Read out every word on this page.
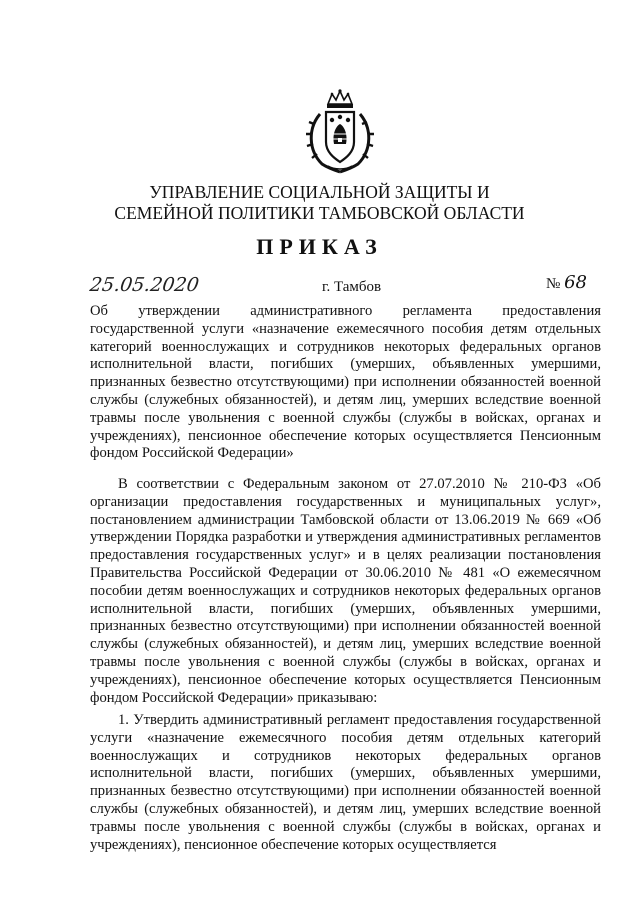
УПРАВЛЕНИЕ СОЦИАЛЬНОЙ ЗАЩИТЫ И
СЕМЕЙНОЙ ПОЛИТИКИ ТАМБОВСКОЙ ОБЛАСТИ
ПРИКАЗ
25.05.2020	г. Тамбов	№ 68
Об утверждении административного регламента предоставления государственной услуги «назначение ежемесячного пособия детям отдельных категорий военнослужащих и сотрудников некоторых федеральных органов исполнительной власти, погибших (умерших, объявленных умершими, признанных безвестно отсутствующими) при исполнении обязанностей военной службы (служебных обязанностей), и детям лиц, умерших вследствие военной травмы после увольнения с военной службы (службы в войсках, органах и учреждениях), пенсионное обеспечение которых осуществляется Пенсионным фондом Российской Федерации»
В соответствии с Федеральным законом от 27.07.2010 № 210-ФЗ «Об организации предоставления государственных и муниципальных услуг», постановлением администрации Тамбовской области от 13.06.2019 № 669 «Об утверждении Порядка разработки и утверждения административных регламентов предоставления государственных услуг» и в целях реализации постановления Правительства Российской Федерации от 30.06.2010 № 481 «О ежемесячном пособии детям военнослужащих и сотрудников некоторых федеральных органов исполнительной власти, погибших (умерших, объявленных умершими, признанных безвестно отсутствующими) при исполнении обязанностей военной службы (служебных обязанностей), и детям лиц, умерших вследствие военной травмы после увольнения с военной службы (службы в войсках, органах и учреждениях), пенсионное обеспечение которых осуществляется Пенсионным фондом Российской Федерации» приказываю:
1. Утвердить административный регламент предоставления государственной услуги «назначение ежемесячного пособия детям отдельных категорий военнослужащих и сотрудников некоторых федеральных органов исполнительной власти, погибших (умерших, объявленных умершими, признанных безвестно отсутствующими) при исполнении обязанностей военной службы (служебных обязанностей), и детям лиц, умерших вследствие военной травмы после увольнения с военной службы (службы в войсках, органах и учреждениях), пенсионное обеспечение которых осуществляется
